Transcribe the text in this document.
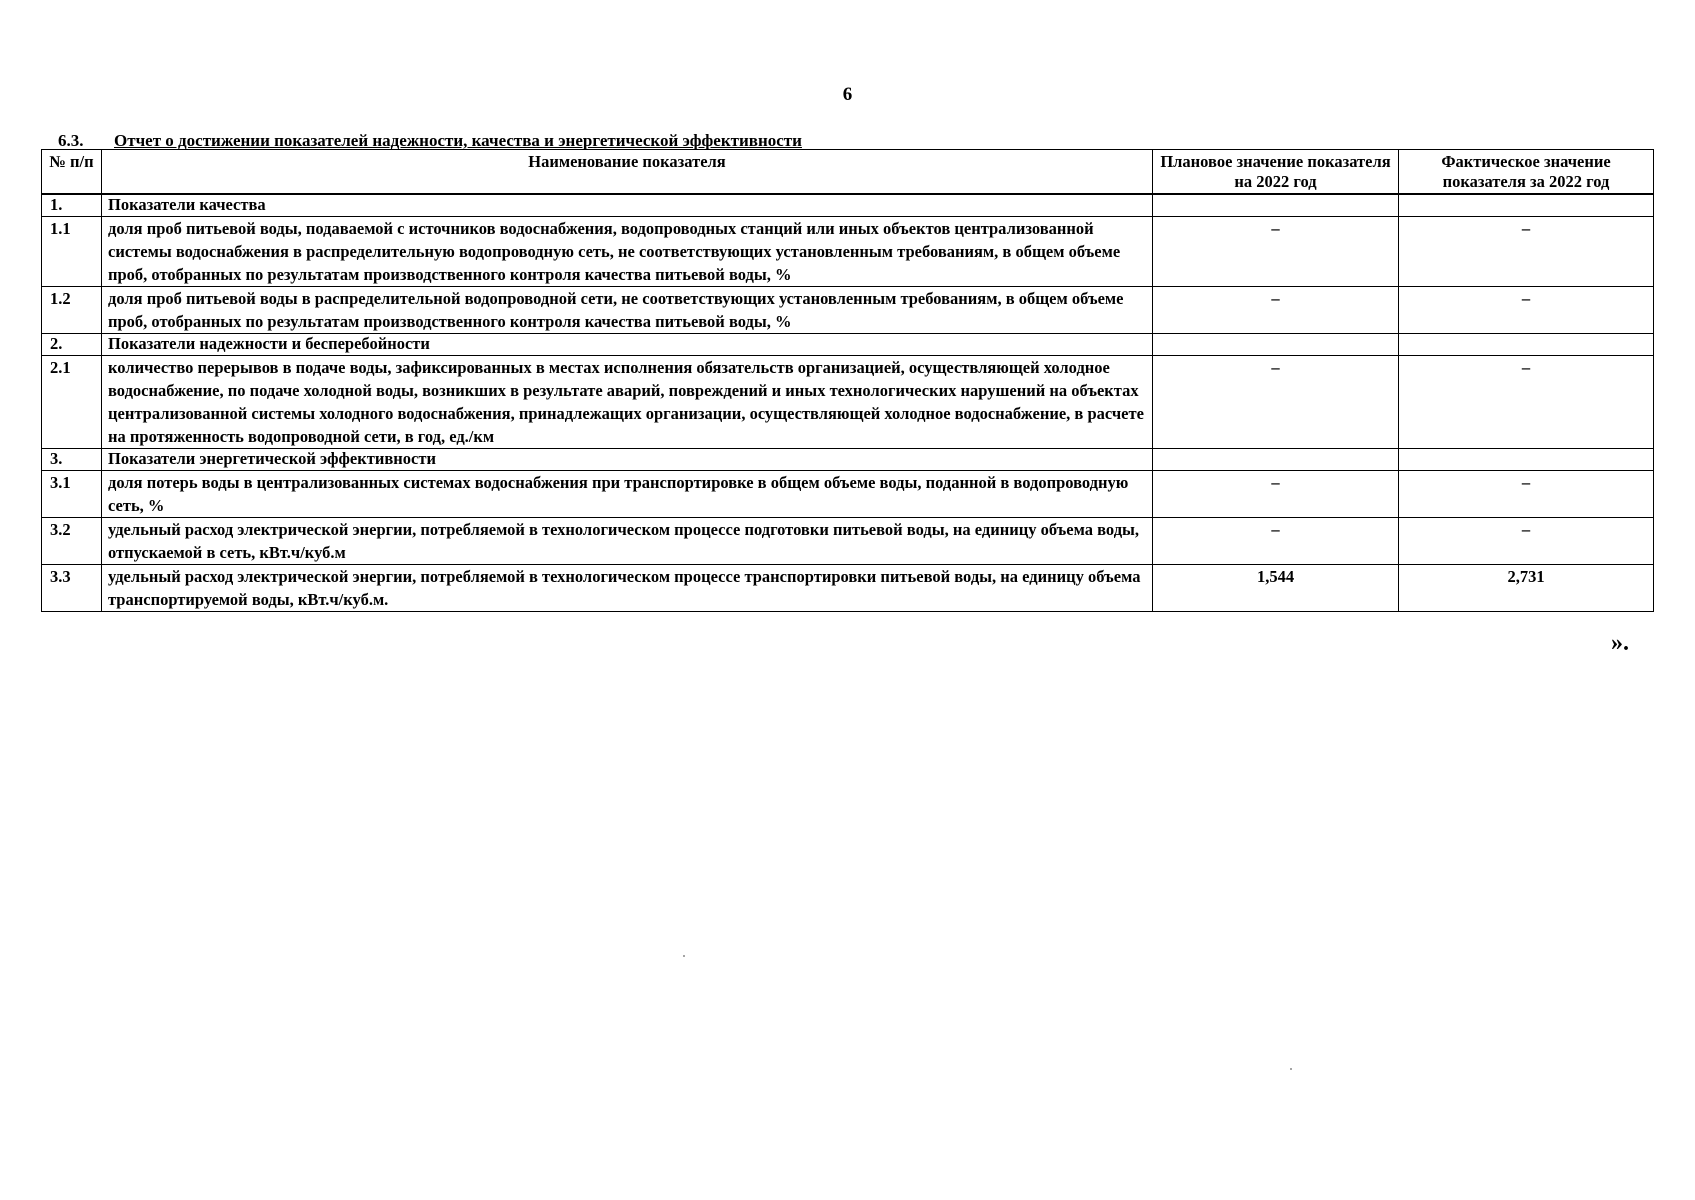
6
6.3. Отчет о достижении показателей надежности, качества и энергетической эффективности
№ п/п	Наименование показателя	Плановое значение показателя на 2022 год	Фактическое значение показателя за 2022 год
1.	Показатели качества		
1.1	доля проб питьевой воды, подаваемой с источников водоснабжения, водопроводных станций или иных объектов централизованной системы водоснабжения в распределительную водопроводную сеть, не соответствующих установленным требованиям, в общем объеме проб, отобранных по результатам производственного контроля качества питьевой воды, %	–	–
1.2	доля проб питьевой воды в распределительной водопроводной сети, не соответствующих установленным требованиям, в общем объеме проб, отобранных по результатам производственного контроля качества питьевой воды, %	–	–
2.	Показатели надежности и бесперебойности		
2.1	количество перерывов в подаче воды, зафиксированных в местах исполнения обязательств организацией, осуществляющей холодное водоснабжение, по подаче холодной воды, возникших в результате аварий, повреждений и иных технологических нарушений на объектах централизованной системы холодного водоснабжения, принадлежащих организации, осуществляющей холодное водоснабжение, в расчете на протяженность водопроводной сети, в год, ед./км	–	–
3.	Показатели энергетической эффективности		
3.1	доля потерь воды в централизованных системах водоснабжения при транспортировке в общем объеме воды, поданной в водопроводную сеть, %	–	–
3.2	удельный расход электрической энергии, потребляемой в технологическом процессе подготовки питьевой воды, на единицу объема воды, отпускаемой в сеть, кВт.ч/куб.м	–	–
3.3	удельный расход электрической энергии, потребляемой в технологическом процессе транспортировки питьевой воды, на единицу объема транспортируемой воды, кВт.ч/куб.м.	1,544	2,731
».
